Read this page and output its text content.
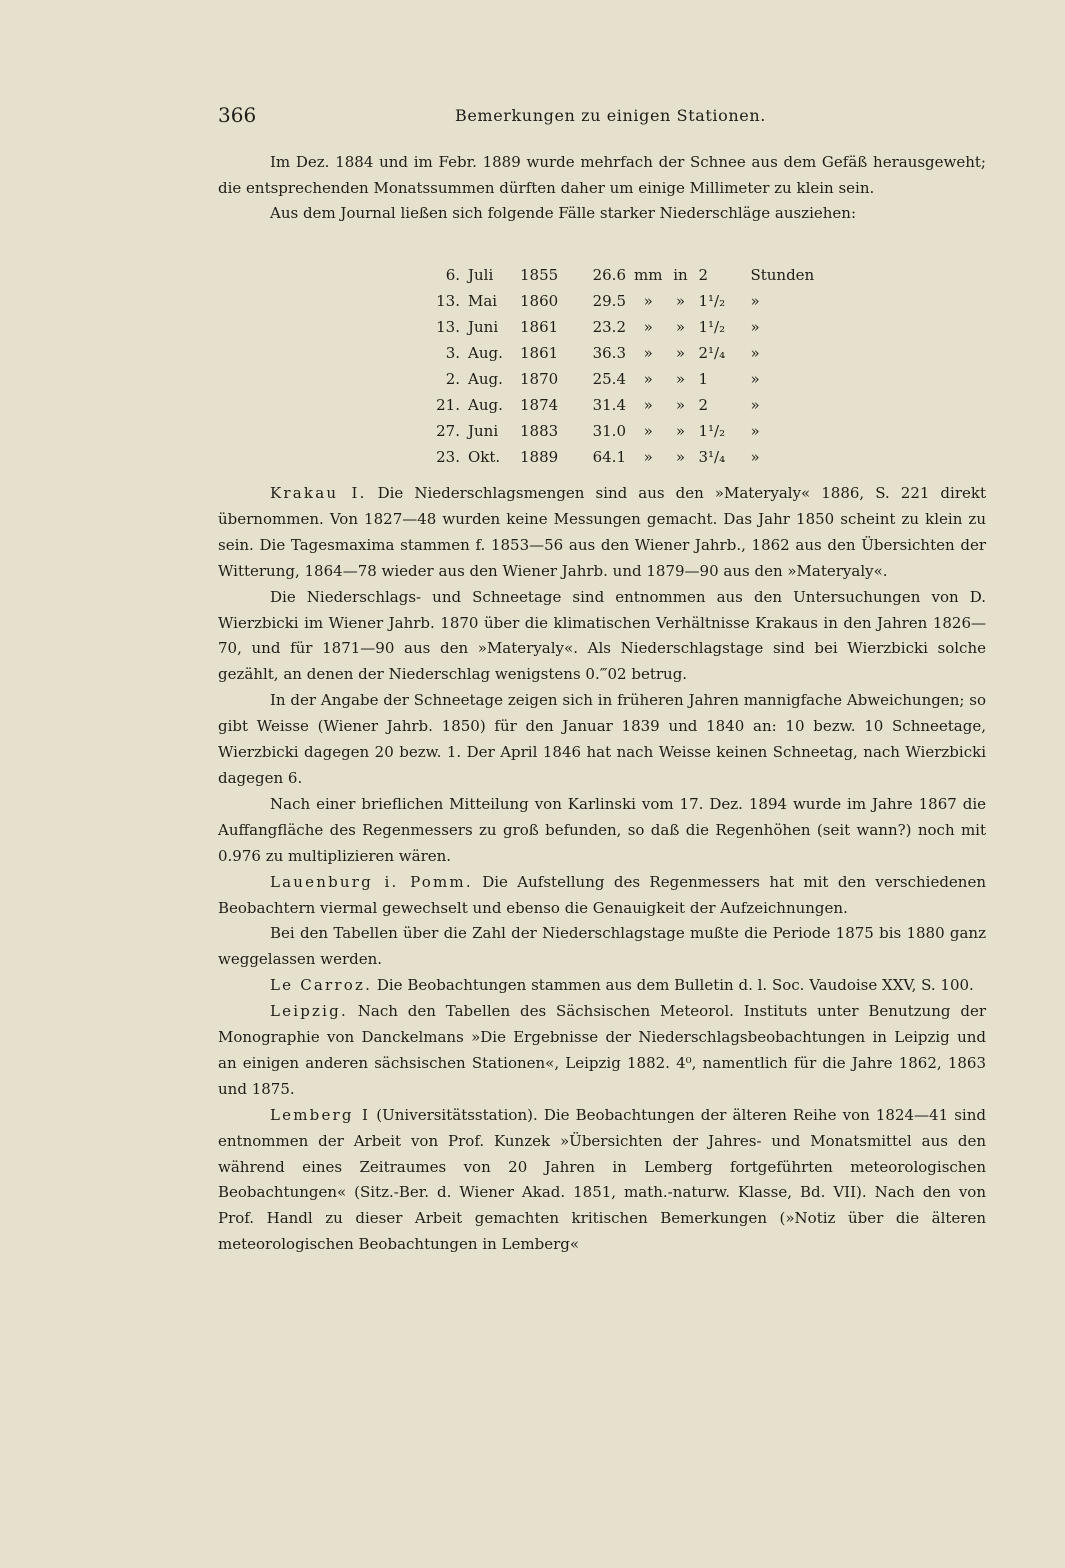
366	Bemerkungen zu einigen Stationen.

Im Dez. 1884 und im Febr. 1889 wurde mehrfach der Schnee aus dem Gefäß herausgeweht; die entsprechenden Monatssummen dürften daher um einige Millimeter zu klein sein.

Aus dem Journal ließen sich folgende Fälle starker Niederschläge ausziehen:

6.	Juli	1855	26.6	mm	in	2	Stunden
13.	Mai	1860	29.5	»	»	1¹/₂	»
13.	Juni	1861	23.2	»	»	1¹/₂	»
3.	Aug.	1861	36.3	»	»	2¹/₄	»
2.	Aug.	1870	25.4	»	»	1	»
21.	Aug.	1874	31.4	»	»	2	»
27.	Juni	1883	31.0	»	»	1¹/₂	»
23.	Okt.	1889	64.1	»	»	3¹/₄	»

Krakau I. Die Niederschlagsmengen sind aus den »Materyaly« 1886, S. 221 direkt übernommen. Von 1827—48 wurden keine Messungen gemacht. Das Jahr 1850 scheint zu klein zu sein. Die Tagesmaxima stammen f. 1853—56 aus den Wiener Jahrb., 1862 aus den Übersichten der Witterung, 1864—78 wieder aus den Wiener Jahrb. und 1879—90 aus den »Materyaly«.

Die Niederschlags- und Schneetage sind entnommen aus den Untersuchungen von D. Wierzbicki im Wiener Jahrb. 1870 über die klimatischen Verhältnisse Krakaus in den Jahren 1826—70, und für 1871—90 aus den »Materyaly«. Als Niederschlagstage sind bei Wierzbicki solche gezählt, an denen der Niederschlag wenigstens 0.‴02 betrug.

In der Angabe der Schneetage zeigen sich in früheren Jahren mannigfache Abweichungen; so gibt Weisse (Wiener Jahrb. 1850) für den Januar 1839 und 1840 an: 10 bezw. 10 Schneetage, Wierzbicki dagegen 20 bezw. 1. Der April 1846 hat nach Weisse keinen Schneetag, nach Wierzbicki dagegen 6.

Nach einer brieflichen Mitteilung von Karlinski vom 17. Dez. 1894 wurde im Jahre 1867 die Auffangfläche des Regenmessers zu groß befunden, so daß die Regenhöhen (seit wann?) noch mit 0.976 zu multiplizieren wären.

Lauenburg i. Pomm. Die Aufstellung des Regenmessers hat mit den verschiedenen Beobachtern viermal gewechselt und ebenso die Genauigkeit der Aufzeichnungen.

Bei den Tabellen über die Zahl der Niederschlagstage mußte die Periode 1875 bis 1880 ganz weggelassen werden.

Le Carroz. Die Beobachtungen stammen aus dem Bulletin d. l. Soc. Vaudoise XXV, S. 100.

Leipzig. Nach den Tabellen des Sächsischen Meteorol. Instituts unter Benutzung der Monographie von Danckelmans »Die Ergebnisse der Niederschlagsbeobachtungen in Leipzig und an einigen anderen sächsischen Stationen«, Leipzig 1882. 4⁰, namentlich für die Jahre 1862, 1863 und 1875.

Lemberg I (Universitätsstation). Die Beobachtungen der älteren Reihe von 1824—41 sind entnommen der Arbeit von Prof. Kunzek »Übersichten der Jahres- und Monatsmittel aus den während eines Zeitraumes von 20 Jahren in Lemberg fortgeführten meteorologischen Beobachtungen« (Sitz.-Ber. d. Wiener Akad. 1851, math.-naturw. Klasse, Bd. VII). Nach den von Prof. Handl zu dieser Arbeit gemachten kritischen Bemerkungen (»Notiz über die älteren meteorologischen Beobachtungen in Lemberg«
